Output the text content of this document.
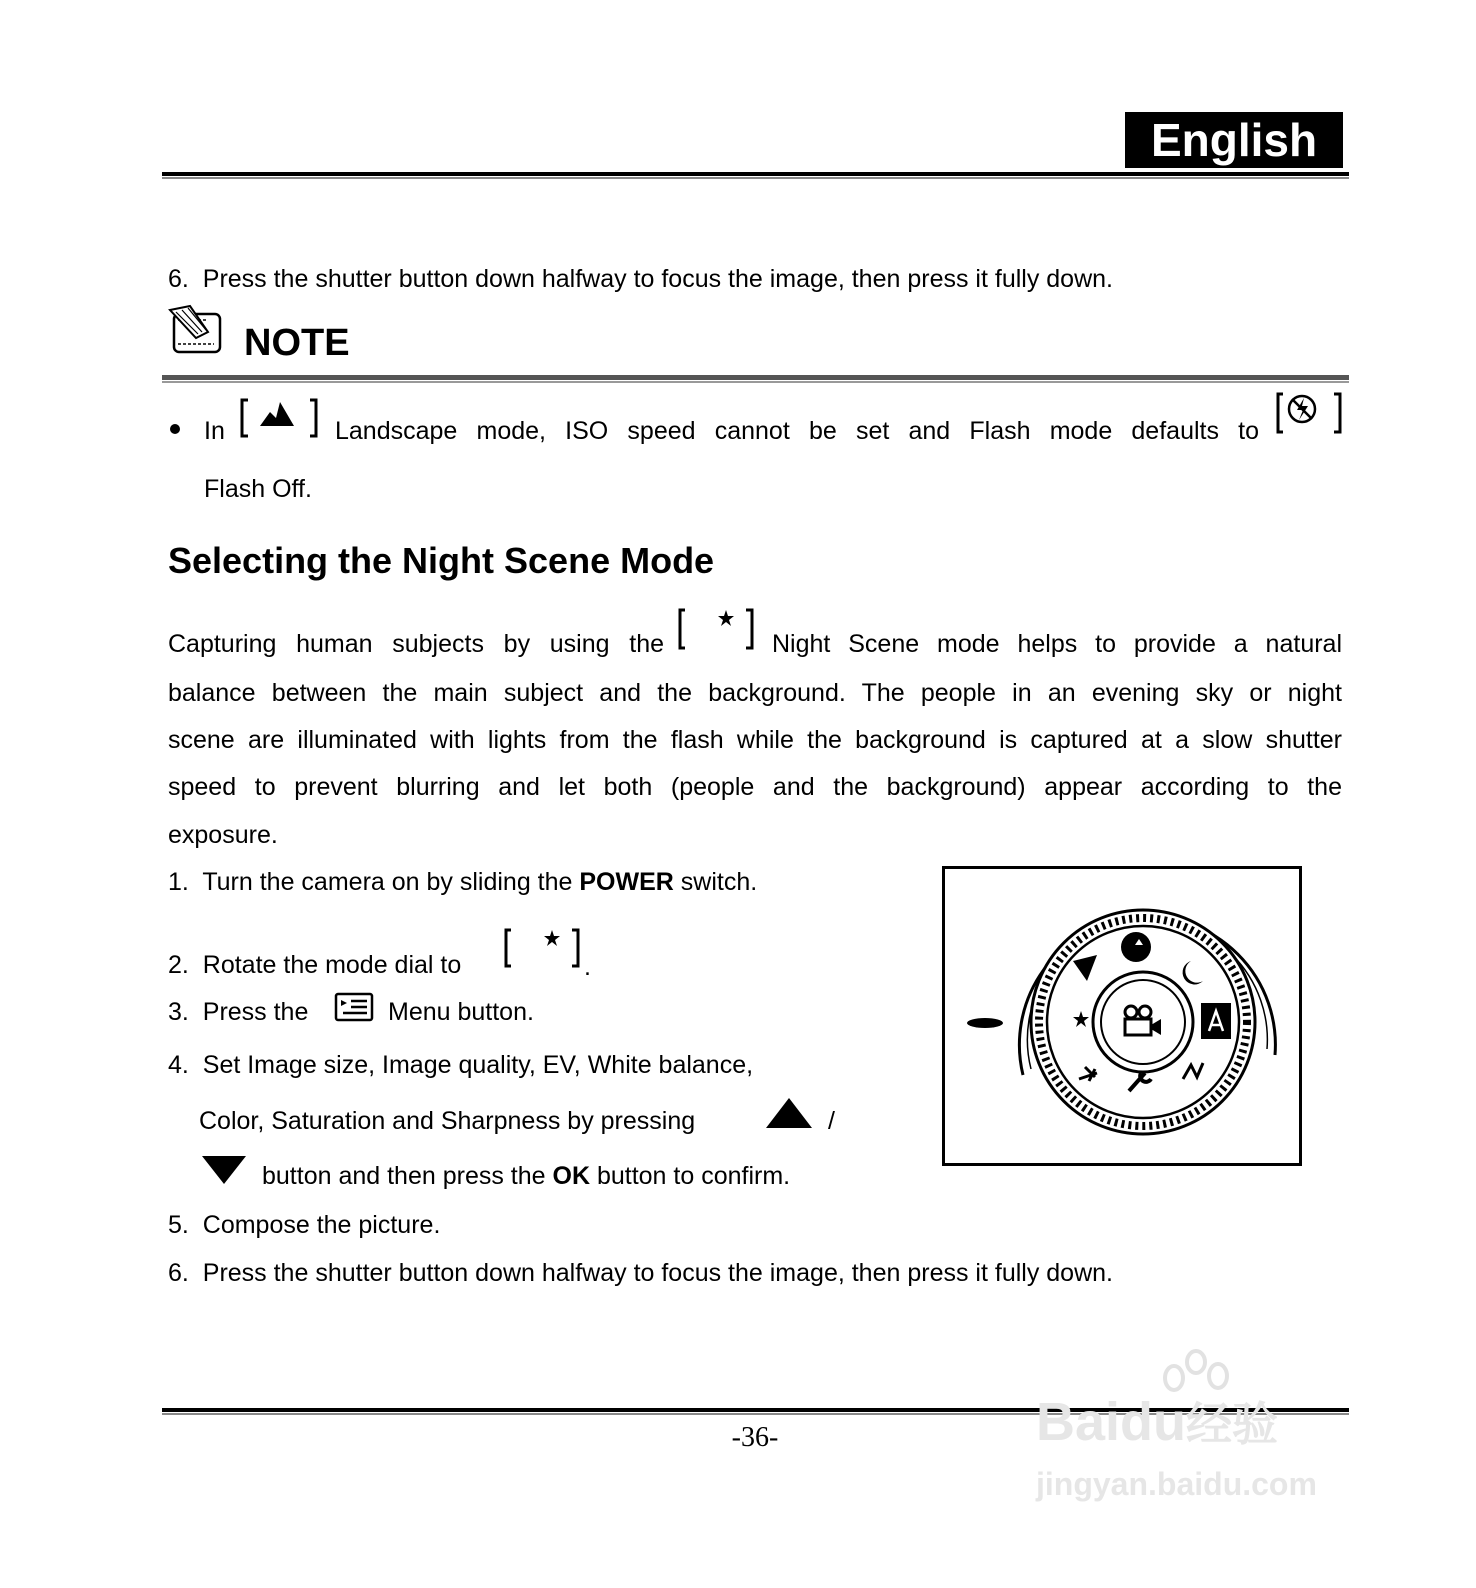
English
6. Press the shutter button down halfway to focus the image, then press it fully down.
NOTE
In	Landscape mode, ISO speed cannot be set and Flash mode defaults to
Flash Off.
Selecting the Night Scene Mode
Capturing human subjects by using the	Night Scene mode helps to provide a natural
balance between the main subject and the background. The people in an evening sky or night
scene are illuminated with lights from the flash while the background is captured at a slow shutter
speed to prevent blurring and let both (people and the background) appear according to the
exposure.
1. Turn the camera on by sliding the POWER switch.
2. Rotate the mode dial to	.
3. Press the	Menu button.
4. Set Image size, Image quality, EV, White balance,
Color, Saturation and Sharpness by pressing	/
button and then press the OK button to confirm.
5. Compose the picture.
6. Press the shutter button down halfway to focus the image, then press it fully down.
-36-	Baidu经验
jingyan.baidu.com
